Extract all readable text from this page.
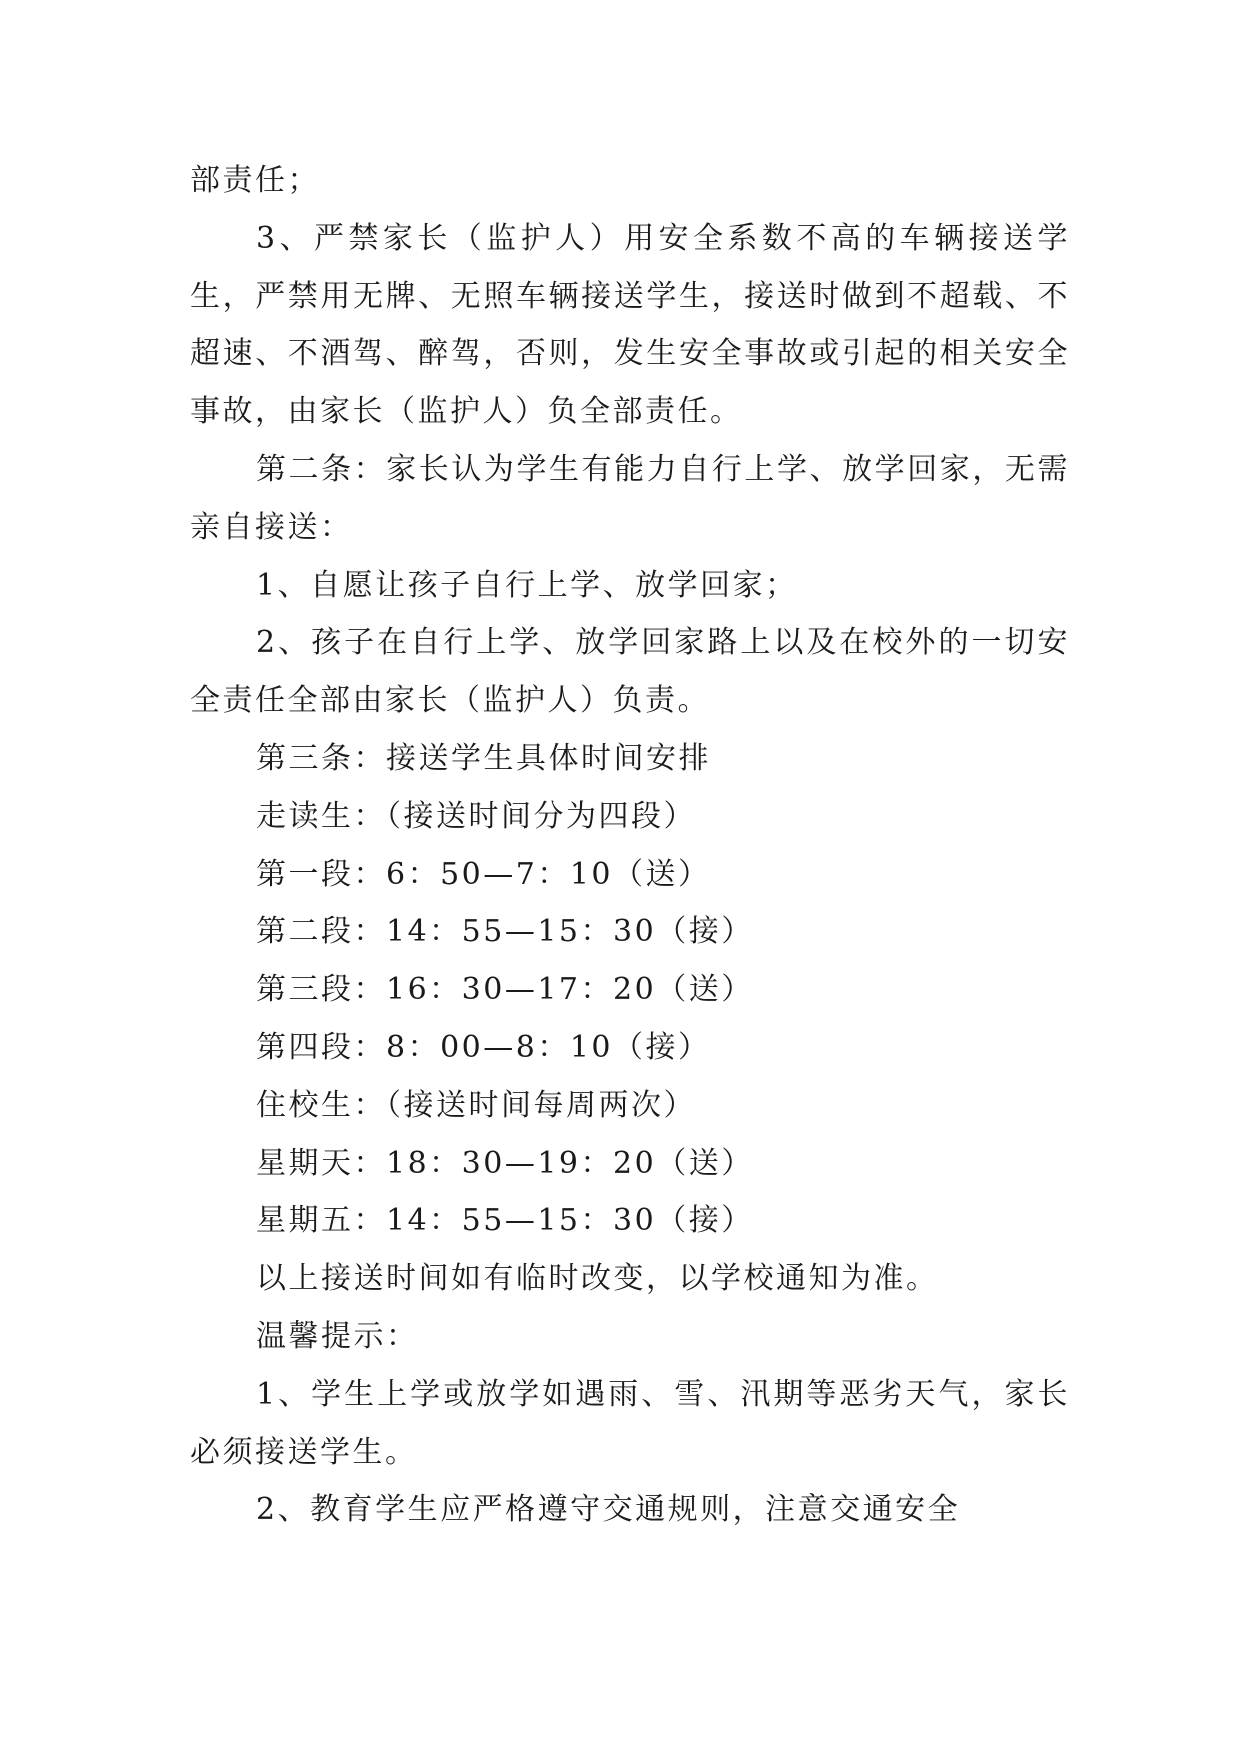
部责任；

3、严禁家长（监护人）用安全系数不高的车辆接送学生，严禁用无牌、无照车辆接送学生，接送时做到不超载、不超速、不酒驾、醉驾，否则，发生安全事故或引起的相关安全事故，由家长（监护人）负全部责任。

第二条：家长认为学生有能力自行上学、放学回家，无需亲自接送：

1、自愿让孩子自行上学、放学回家；

2、孩子在自行上学、放学回家路上以及在校外的一切安全责任全部由家长（监护人）负责。

第三条：接送学生具体时间安排

走读生：（接送时间分为四段）

第一段：6：50—7：10（送）

第二段：14：55—15：30（接）

第三段：16：30—17：20（送）

第四段：8：00—8：10（接）

住校生：（接送时间每周两次）

星期天：18：30—19：20（送）

星期五：14：55—15：30（接）

以上接送时间如有临时改变，以学校通知为准。

温馨提示：

1、学生上学或放学如遇雨、雪、汛期等恶劣天气，家长必须接送学生。

2、教育学生应严格遵守交通规则，注意交通安全
